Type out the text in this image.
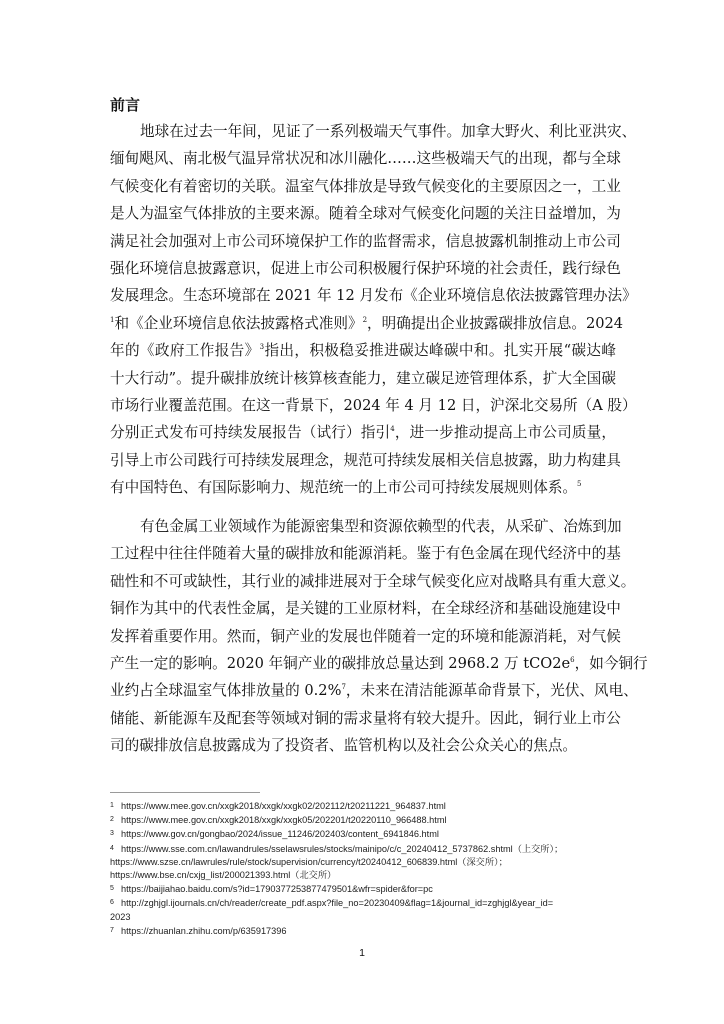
前言
地球在过去一年间，见证了一系列极端天气事件。加拿大野火、利比亚洪灾、
缅甸飓风、南北极气温异常状况和冰川融化……这些极端天气的出现，都与全球
气候变化有着密切的关联。温室气体排放是导致气候变化的主要原因之一，工业
是人为温室气体排放的主要来源。随着全球对气候变化问题的关注日益增加，为
满足社会加强对上市公司环境保护工作的监督需求，信息披露机制推动上市公司
强化环境信息披露意识，促进上市公司积极履行保护环境的社会责任，践行绿色
发展理念。生态环境部在 2021 年 12 月发布《企业环境信息依法披露管理办法》
$^1$和《企业环境信息依法披露格式准则》$^2$，明确提出企业披露碳排放信息。2024
年的《政府工作报告》$^3$指出，积极稳妥推进碳达峰碳中和。扎实开展“碳达峰
十大行动”。提升碳排放统计核算核查能力，建立碳足迹管理体系，扩大全国碳
市场行业覆盖范围。在这一背景下，2024 年 4 月 12 日，沪深北交易所（A 股）
分别正式发布可持续发展报告（试行）指引$^4$，进一步推动提高上市公司质量，
引导上市公司践行可持续发展理念，规范可持续发展相关信息披露，助力构建具
有中国特色、有国际影响力、规范统一的上市公司可持续发展规则体系。$^5$
有色金属工业领域作为能源密集型和资源依赖型的代表，从采矿、冶炼到加
工过程中往往伴随着大量的碳排放和能源消耗。鉴于有色金属在现代经济中的基
础性和不可或缺性，其行业的减排进展对于全球气候变化应对战略具有重大意义。
铜作为其中的代表性金属，是关键的工业原材料，在全球经济和基础设施建设中
发挥着重要作用。然而，铜产业的发展也伴随着一定的环境和能源消耗，对气候
产生一定的影响。2020 年铜产业的碳排放总量达到 2968.2 万 $tCO2e^6$，如今铜行
业约占全球温室气体排放量的 0.2%$^7$，未来在清洁能源革命背景下，光伏、风电、
储能、新能源车及配套等领域对铜的需求量将有较大提升。因此，铜行业上市公
司的碳排放信息披露成为了投资者、监管机构以及社会公众关心的焦点。
1 https://www.mee.gov.cn/xxgk2018/xxgk/xxgk02/202112/t20211221_964837.html
2 https://www.mee.gov.cn/xxgk2018/xxgk/xxgk05/202201/t20220110_966488.html
3 https://www.gov.cn/gongbao/2024/issue_11246/202403/content_6941846.html
4 https://www.sse.com.cn/lawandrules/sselawsrules/stocks/mainipo/c/c_20240412_5737862.shtml（上交所）；
https://www.szse.cn/lawrules/rule/stock/supervision/currency/t20240412_606839.html（深交所）；
https://www.bse.cn/cxjg_list/200021393.html（北交所）
5 https://baijiahao.baidu.com/s?id=1790377253877479501&wfr=spider&for=pc
6 http://zghjgl.ijournals.cn/ch/reader/create_pdf.aspx?file_no=20230409&flag=1&journal_id=zghjgl&year_id=
2023
7 https://zhuanlan.zhihu.com/p/635917396
1
